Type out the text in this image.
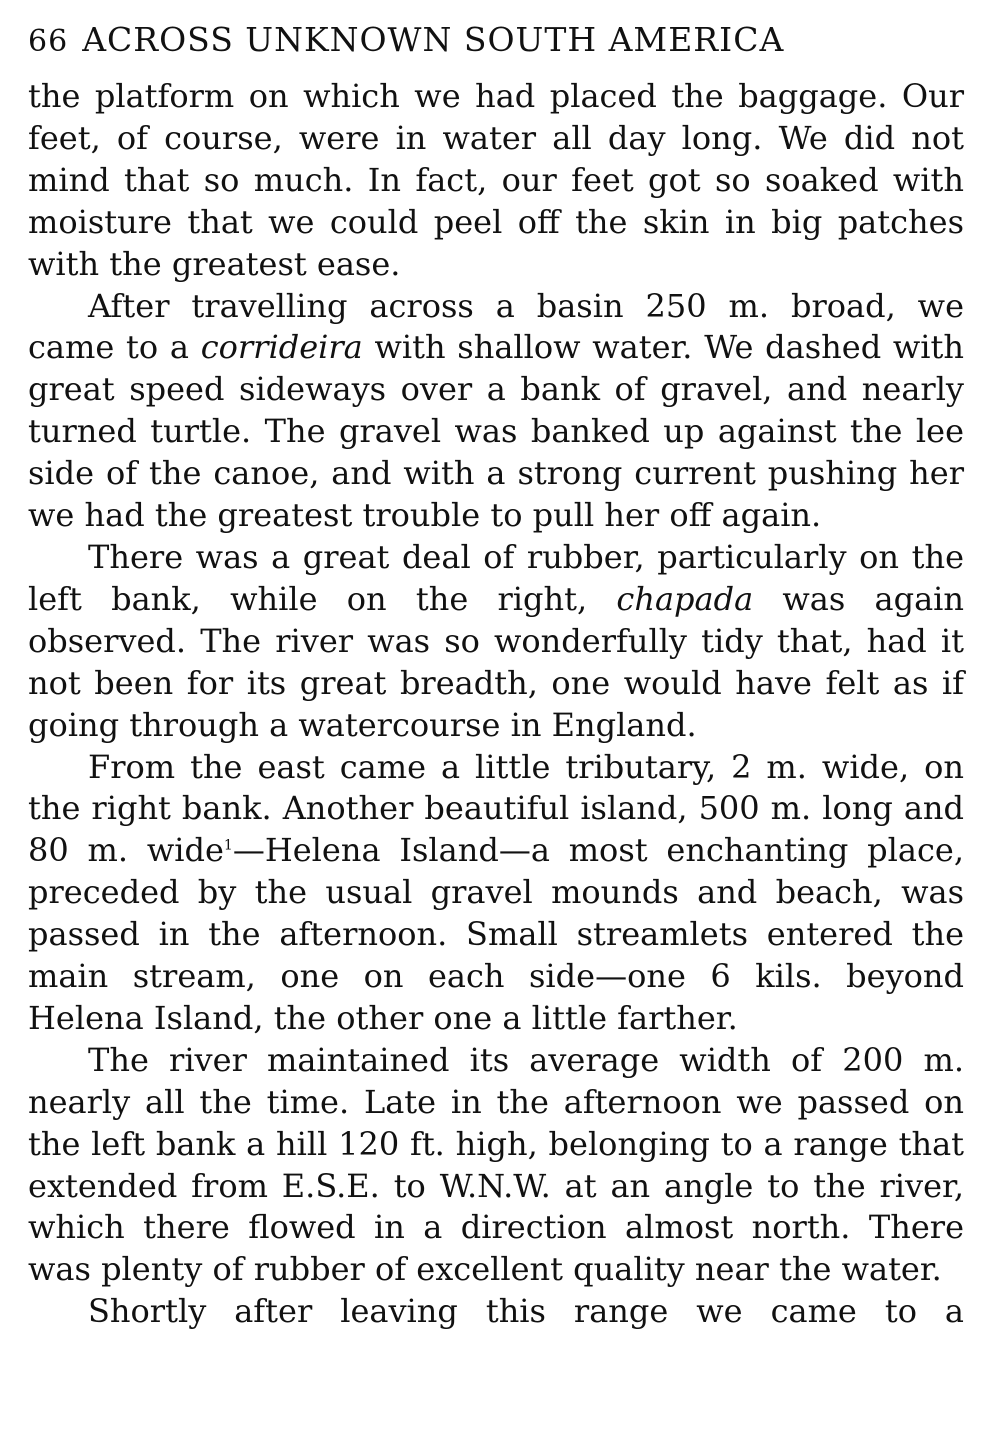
66 ACROSS UNKNOWN SOUTH AMERICA

the platform on which we had placed the baggage. Our feet, of course, were in water all day long. We did not mind that so much. In fact, our feet got so soaked with moisture that we could peel off the skin in big patches with the greatest ease.

After travelling across a basin 250 m. broad, we came to a corrideira with shallow water. We dashed with great speed sideways over a bank of gravel, and nearly turned turtle. The gravel was banked up against the lee side of the canoe, and with a strong current pushing her we had the greatest trouble to pull her off again.

There was a great deal of rubber, particularly on the left bank, while on the right, chapada was again observed. The river was so wonderfully tidy that, had it not been for its great breadth, one would have felt as if going through a watercourse in England.

From the east came a little tributary, 2 m. wide, on the right bank. Another beautiful island, 500 m. long and 80 m. wide$^1$—Helena Island—a most enchanting place, preceded by the usual gravel mounds and beach, was passed in the afternoon. Small streamlets entered the main stream, one on each side—one 6 kils. beyond Helena Island, the other one a little farther.

The river maintained its average width of 200 m. nearly all the time. Late in the afternoon we passed on the left bank a hill 120 ft. high, belonging to a range that extended from E.S.E. to W.N.W. at an angle to the river, which there flowed in a direction almost north. There was plenty of rubber of excellent quality near the water.

Shortly after leaving this range we came to a
